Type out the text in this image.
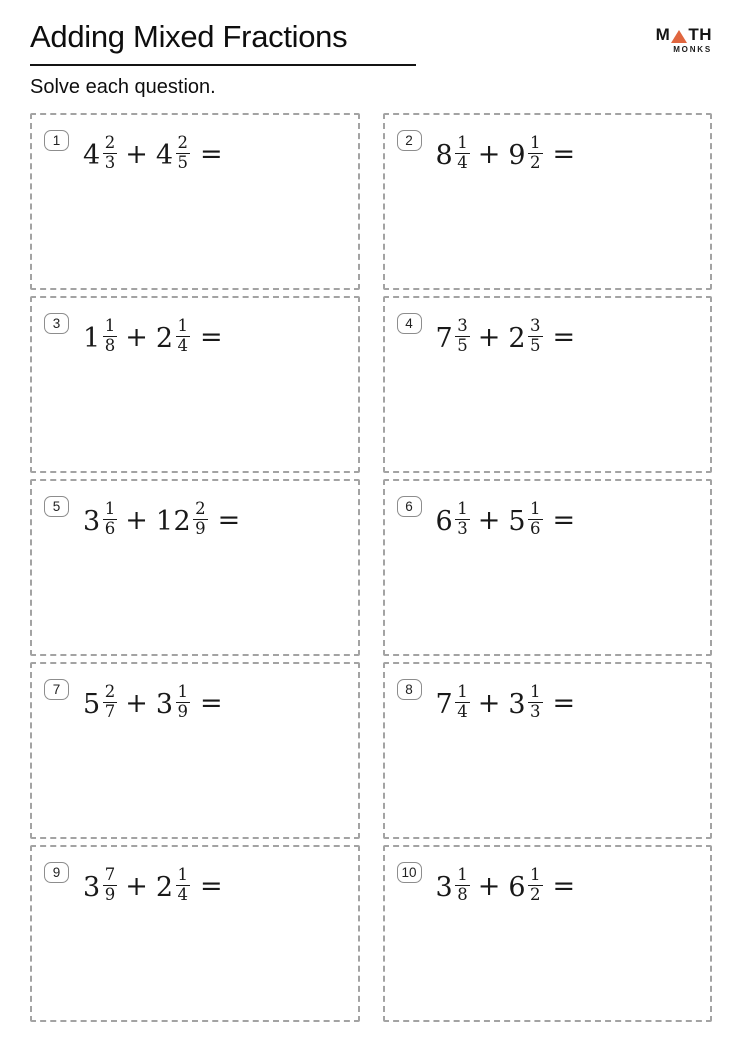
Adding Mixed Fractions	M TH
MONKS
Solve each question.
1 $4 \frac{2}{3} + 4 \frac{2}{5}$ =	2 $8 \frac{1}{4} + 9 \frac{1}{2}$ =
3 $1 \frac{1}{8} + 2 \frac{1}{4}$ =	4 $7 \frac{3}{5} + 2 \frac{3}{5}$ =
5 $3 \frac{1}{6} + 12 \frac{2}{9}$ =	6 $6 \frac{1}{3} + 5 \frac{1}{6}$ =
7 $5 \frac{2}{7} + 3 \frac{1}{9}$ =	8 $7 \frac{1}{4} + 3 \frac{1}{3}$ =
9 $3 \frac{7}{9} + 2 \frac{1}{4}$ =	10 $3 \frac{1}{8} + 6 \frac{1}{2}$ =
